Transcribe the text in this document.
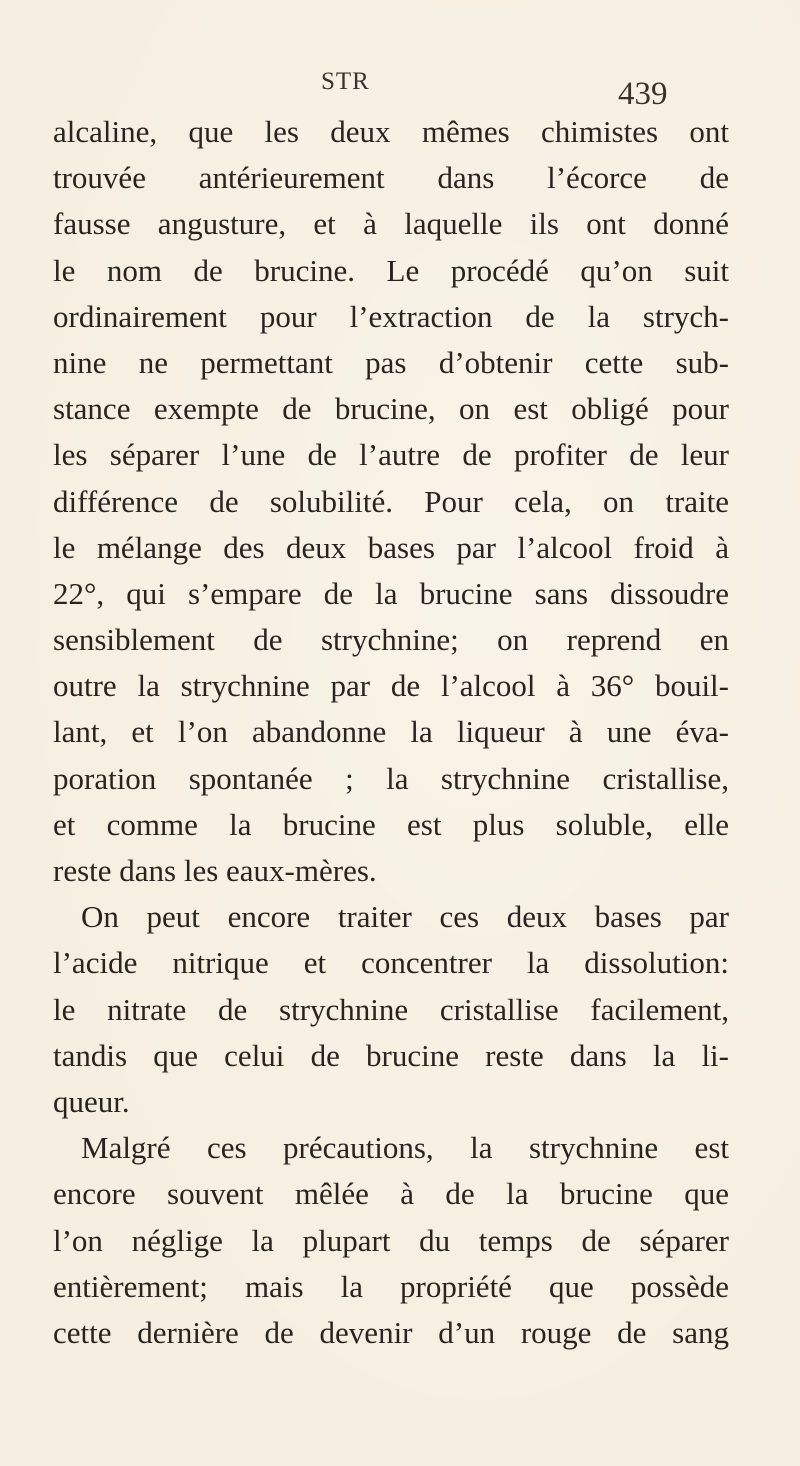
STR	439
alcaline, que les deux mêmes chimistes ont
trouvée antérieurement dans l’écorce de
fausse angusture, et à laquelle ils ont donné
le nom de brucine. Le procédé qu’on suit
ordinairement pour l’extraction de la strych-
nine ne permettant pas d’obtenir cette sub-
stance exempte de brucine, on est obligé pour
les séparer l’une de l’autre de profiter de leur
différence de solubilité. Pour cela, on traite
le mélange des deux bases par l’alcool froid à
22°, qui s’empare de la brucine sans dissoudre
sensiblement de strychnine; on reprend en
outre la strychnine par de l’alcool à 36° bouil-
lant, et l’on abandonne la liqueur à une éva-
poration spontanée ; la strychnine cristallise,
et comme la brucine est plus soluble, elle
reste dans les eaux-mères.
On peut encore traiter ces deux bases par
l’acide nitrique et concentrer la dissolution:
le nitrate de strychnine cristallise facilement,
tandis que celui de brucine reste dans la li-
queur.
Malgré ces précautions, la strychnine est
encore souvent mêlée à de la brucine que
l’on néglige la plupart du temps de séparer
entièrement; mais la propriété que possède
cette dernière de devenir d’un rouge de sang
